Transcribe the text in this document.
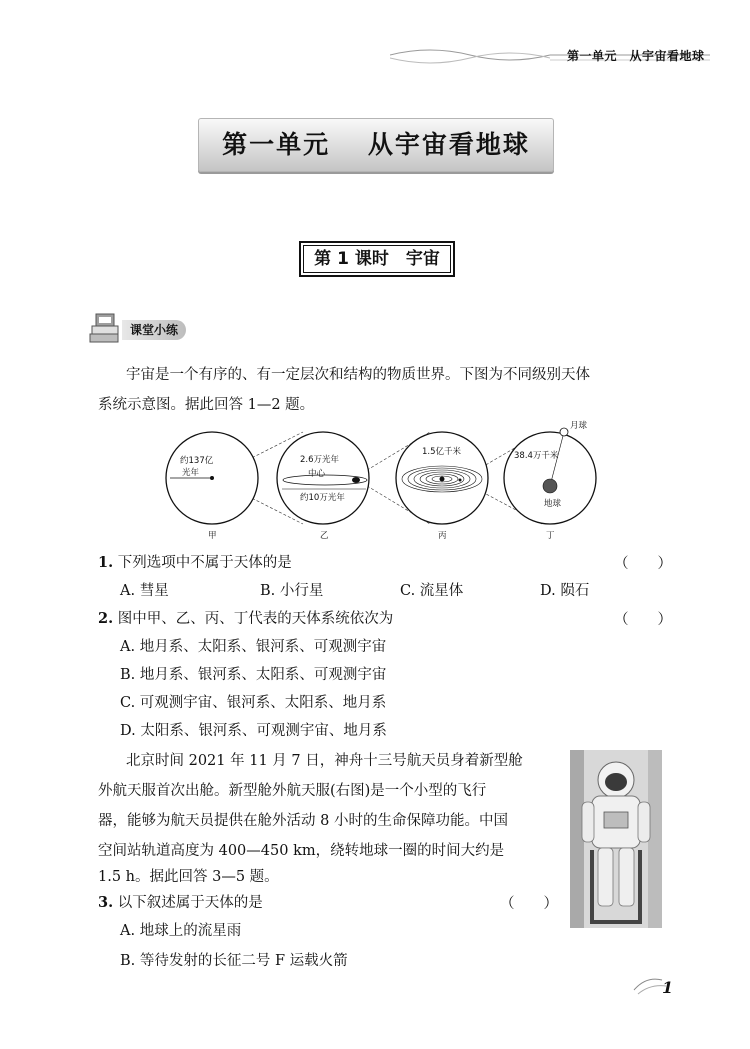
第一单元　从宇宙看地球
第一单元　 从宇宙看地球
第 1 课时　宇宙
课堂小练
宇宙是一个有序的、有一定层次和结构的物质世界。下图为不同级别天体
系统示意图。据此回答 1—2 题。
约137亿
光年
甲
2.6万光年
中心
约10万光年
乙
1.5亿千米
丙
月球
38.4万千米
地球
丁
1. 下列选项中不属于天体的是	（　　）
A. 彗星	B. 小行星	C. 流星体	D. 陨石
2. 图中甲、乙、丙、丁代表的天体系统依次为	（　　）
A. 地月系、太阳系、银河系、可观测宇宙
B. 地月系、银河系、太阳系、可观测宇宙
C. 可观测宇宙、银河系、太阳系、地月系
D. 太阳系、银河系、可观测宇宙、地月系
北京时间 2021 年 11 月 7 日，神舟十三号航天员身着新型舱
外航天服首次出舱。新型舱外航天服(右图)是一个小型的飞行
器，能够为航天员提供在舱外活动 8 小时的生命保障功能。中国
空间站轨道高度为 400—450 km，绕转地球一圈的时间大约是
1.5 h。据此回答 3—5 题。
3. 以下叙述属于天体的是	（　　）
A. 地球上的流星雨
B. 等待发射的长征二号 F 运载火箭
1
